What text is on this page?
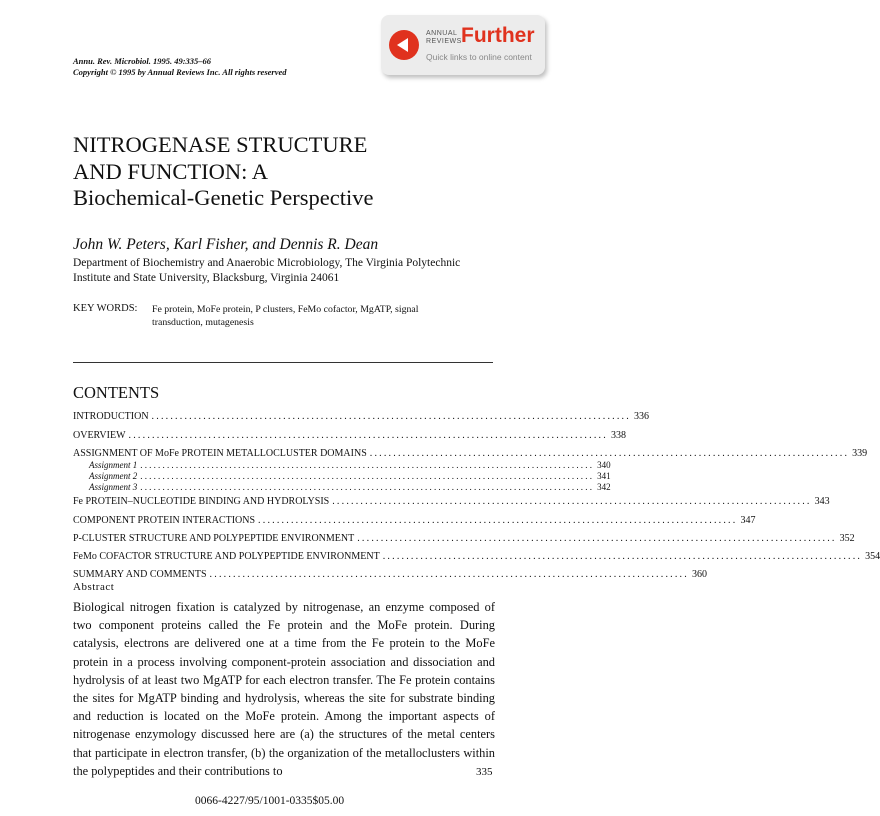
ANNUAL
REVIEWS Further
Quick links to online content
Annu. Rev. Microbiol. 1995. 49:335–66
Copyright © 1995 by Annual Reviews Inc. All rights reserved
NITROGENASE STRUCTURE
AND FUNCTION: A
Biochemical-Genetic Perspective
John W. Peters, Karl Fisher, and Dennis R. Dean
Department of Biochemistry and Anaerobic Microbiology, The Virginia Polytechnic
Institute and State University, Blacksburg, Virginia 24061
KEY WORDS: Fe protein, MoFe protein, P clusters, FeMo cofactor, MgATP, signal
transduction, mutagenesis
CONTENTS
INTRODUCTION ...................................................................................................... 336
OVERVIEW ...................................................................................................... 338
ASSIGNMENT OF MoFe PROTEIN METALLOCLUSTER DOMAINS ...................................................................................................... 339
Assignment 1 ...................................................................................................... 340
Assignment 2 ...................................................................................................... 341
Assignment 3 ...................................................................................................... 342
Fe PROTEIN–NUCLEOTIDE BINDING AND HYDROLYSIS ...................................................................................................... 343
COMPONENT PROTEIN INTERACTIONS ...................................................................................................... 347
P-CLUSTER STRUCTURE AND POLYPEPTIDE ENVIRONMENT ...................................................................................................... 352
FeMo COFACTOR STRUCTURE AND POLYPEPTIDE ENVIRONMENT ...................................................................................................... 354
SUMMARY AND COMMENTS ...................................................................................................... 360
Abstract
Biological nitrogen fixation is catalyzed by nitrogenase, an enzyme composed of two component proteins called the Fe protein and the MoFe protein. During catalysis, electrons are delivered one at a time from the Fe protein to the MoFe protein in a process involving component-protein association and dissociation and hydrolysis of at least two MgATP for each electron transfer. The Fe protein contains the sites for MgATP binding and hydrolysis, whereas the site for substrate binding and reduction is located on the MoFe protein. Among the important aspects of nitrogenase enzymology discussed here are (a) the structures of the metal centers that participate in electron transfer, (b) the organization of the metalloclusters within the polypeptides and their contributions to	335
0066-4227/95/1001-0335$05.00
